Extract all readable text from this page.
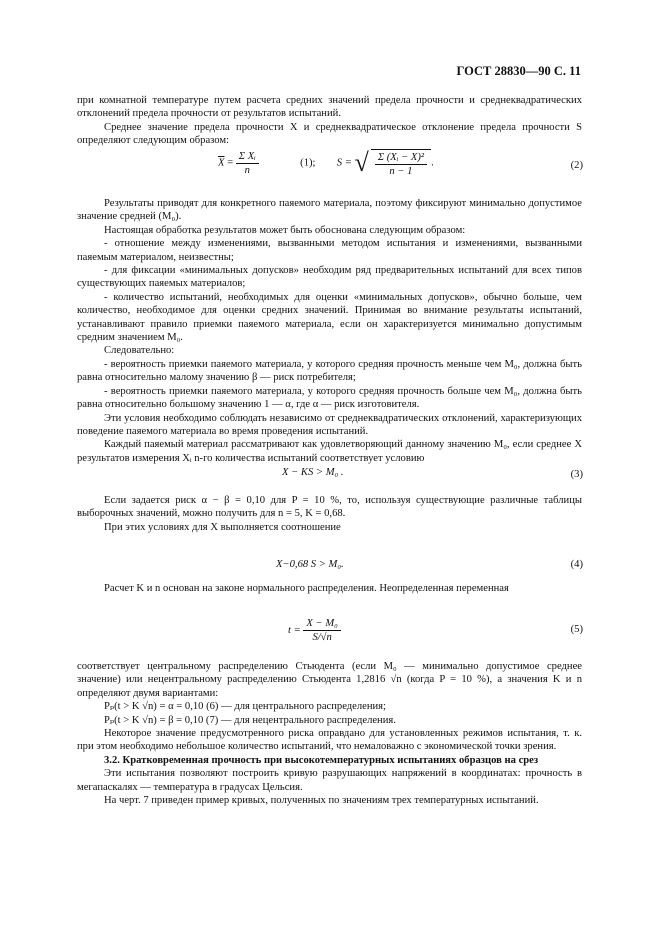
ГОСТ 28830—90 С. 11

при комнатной температуре путем расчета средних значений предела прочности и среднеквадратических отклонений предела прочности от результатов испытаний.

Среднее значение предела прочности X и среднеквадратическое отклонение предела прочности S определяют следующим образом:

$\overline{X} = \frac{\text{Σ Xᵢ}}{n}$	(1); S = √ $\frac{\text{Σ (Xᵢ − X)²}}{n - 1}$ .	(2)

Результаты приводят для конкретного паяемого материала, поэтому фиксируют минимально допустимое значение средней (M₀).

Настоящая обработка результатов может быть обоснована следующим образом:

- отношение между изменениями, вызванными методом испытания и изменениями, вызванными паяемым материалом, неизвестны;

- для фиксации «минимальных допусков» необходим ряд предварительных испытаний для всех типов существующих паяемых материалов;

- количество испытаний, необходимых для оценки «минимальных допусков», обычно больше, чем количество, необходимое для оценки средних значений. Принимая во внимание результаты испытаний, устанавливают правило приемки паяемого материала, если он характеризуется минимально допустимым средним значением M₀.

Следовательно:

- вероятность приемки паяемого материала, у которого средняя прочность меньше чем M₀, должна быть равна относительно малому значению β — риск потребителя;

- вероятность приемки паяемого материала, у которого средняя прочность больше чем M₀, должна быть равна относительно большому значению 1 — α, где α — риск изготовителя.

Эти условия необходимо соблюдать независимо от среднеквадратических отклонений, характеризующих поведение паяемого материала во время проведения испытаний.

Каждый паяемый материал рассматривают как удовлетворяющий данному значению M₀, если среднее X результатов измерения Xᵢ n-го количества испытаний соответствует условию

X − KS > M₀ .	(3)

Если задается риск α − β = 0,10 для P = 10 %, то, используя существующие различные таблицы выборочных значений, можно получить для n = 5, K = 0,68.

При этих условиях для X выполняется соотношение

X−0,68 S > M₀.	(4)

Расчет K и n основан на законе нормального распределения. Неопределенная переменная

$t = \frac{\text{X − M₀}}{S/√n}$	(5)

соответствует центральному распределению Стьюдента (если M₀ — минимально допустимое среднее значение) или нецентральному распределению Стьюдента 1,2816 √n (когда P = 10 %), а значения K и n определяют двумя вариантами:

Pₚ(t > K √n) = α = 0,10 (6) — для центрального распределения;

Pₚ(t > K √n) = β = 0,10 (7) — для нецентрального распределения.

Некоторое значение предусмотренного риска оправдано для установленных режимов испытания, т. к. при этом необходимо небольшое количество испытаний, что немаловажно с экономической точки зрения.

3.2. Кратковременная прочность при высокотемпературных испытаниях образцов на срез

Эти испытания позволяют построить кривую разрушающих напряжений в координатах: прочность в мегапаскалях — температура в градусах Цельсия.

На черт. 7 приведен пример кривых, полученных по значениям трех температурных испытаний.
